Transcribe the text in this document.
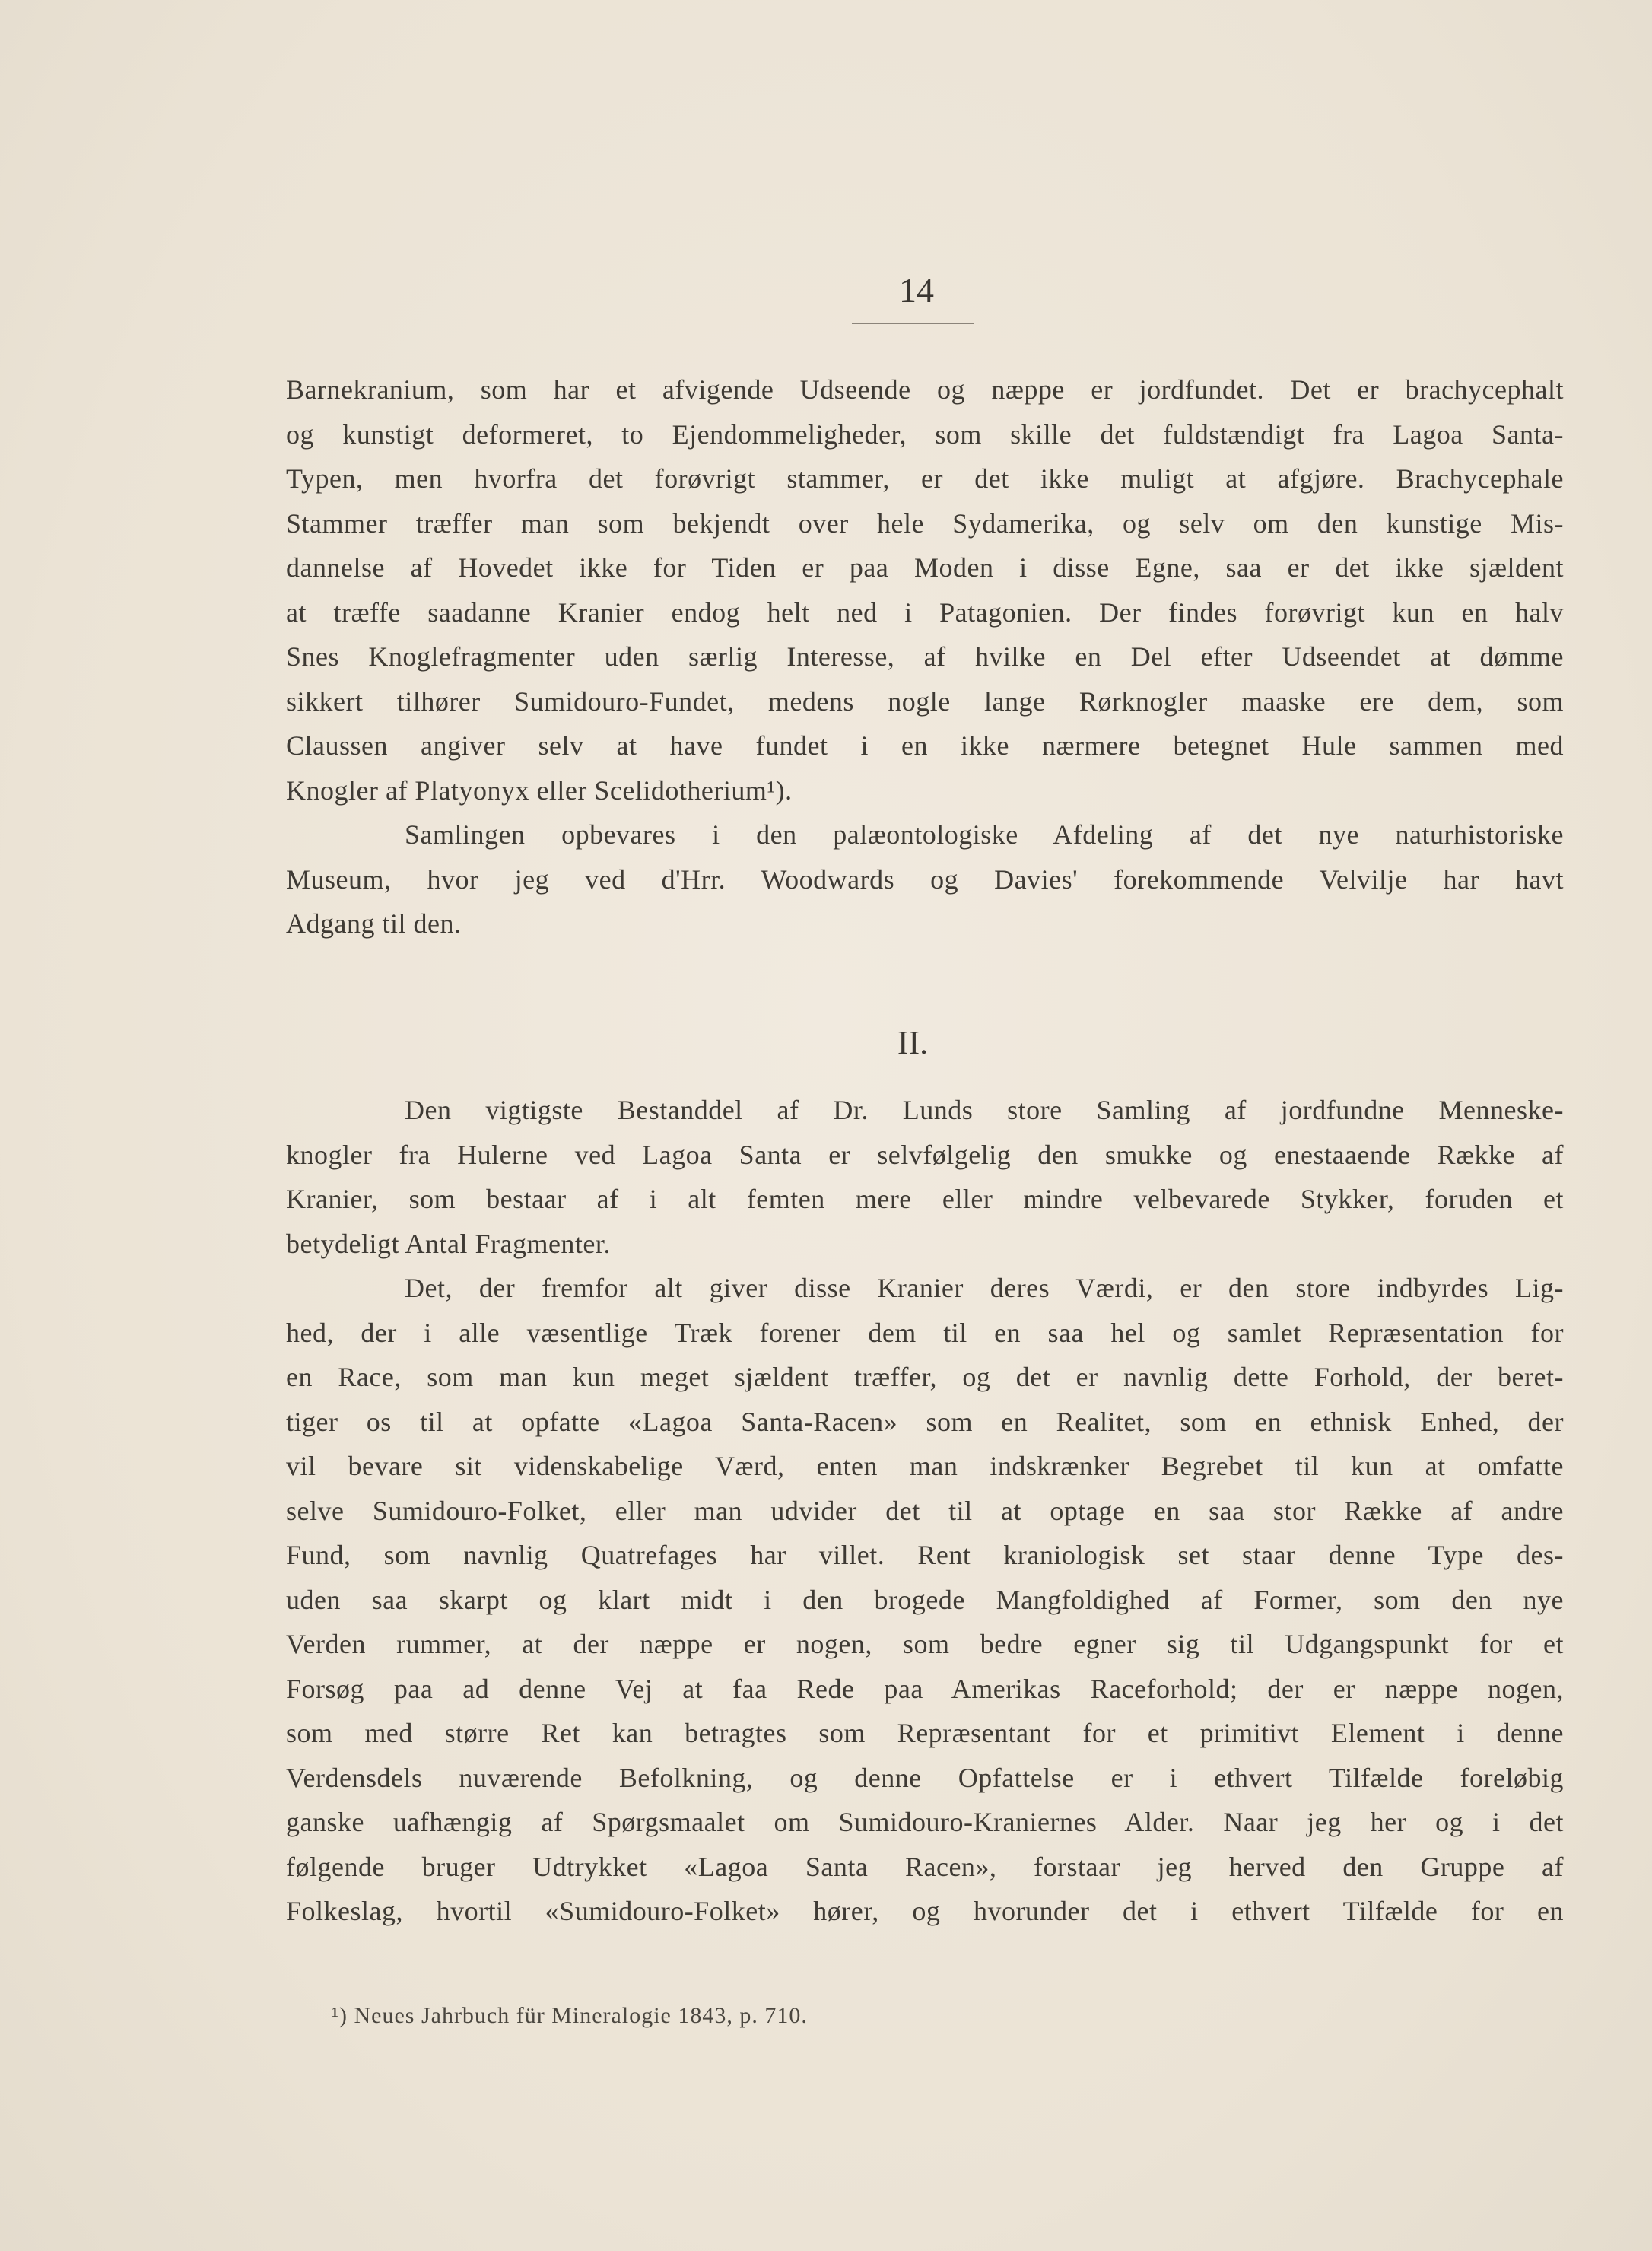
14
Barnekranium, som har et afvigende Udseende og næppe er jordfundet. Det er brachycephalt
og kunstigt deformeret, to Ejendommeligheder, som skille det fuldstændigt fra Lagoa Santa-
Typen, men hvorfra det forøvrigt stammer, er det ikke muligt at afgjøre. Brachycephale
Stammer træffer man som bekjendt over hele Sydamerika, og selv om den kunstige Mis-
dannelse af Hovedet ikke for Tiden er paa Moden i disse Egne, saa er det ikke sjældent
at træffe saadanne Kranier endog helt ned i Patagonien. Der findes forøvrigt kun en halv
Snes Knoglefragmenter uden særlig Interesse, af hvilke en Del efter Udseendet at dømme
sikkert tilhører Sumidouro-Fundet, medens nogle lange Rørknogler maaske ere dem, som
Claussen angiver selv at have fundet i en ikke nærmere betegnet Hule sammen med
Knogler af Platyonyx eller Scelidotherium¹).
Samlingen opbevares i den palæontologiske Afdeling af det nye naturhistoriske
Museum, hvor jeg ved d'Hrr. Woodwards og Davies' forekommende Velvilje har havt
Adgang til den.
II.
Den vigtigste Bestanddel af Dr. Lunds store Samling af jordfundne Menneske-
knogler fra Hulerne ved Lagoa Santa er selvfølgelig den smukke og enestaaende Række af
Kranier, som bestaar af i alt femten mere eller mindre velbevarede Stykker, foruden et
betydeligt Antal Fragmenter.
Det, der fremfor alt giver disse Kranier deres Værdi, er den store indbyrdes Lig-
hed, der i alle væsentlige Træk forener dem til en saa hel og samlet Repræsentation for
en Race, som man kun meget sjældent træffer, og det er navnlig dette Forhold, der beret-
tiger os til at opfatte «Lagoa Santa-Racen» som en Realitet, som en ethnisk Enhed, der
vil bevare sit videnskabelige Værd, enten man indskrænker Begrebet til kun at omfatte
selve Sumidouro-Folket, eller man udvider det til at optage en saa stor Række af andre
Fund, som navnlig Quatrefages har villet. Rent kraniologisk set staar denne Type des-
uden saa skarpt og klart midt i den brogede Mangfoldighed af Former, som den nye
Verden rummer, at der næppe er nogen, som bedre egner sig til Udgangspunkt for et
Forsøg paa ad denne Vej at faa Rede paa Amerikas Raceforhold; der er næppe nogen,
som med større Ret kan betragtes som Repræsentant for et primitivt Element i denne
Verdensdels nuværende Befolkning, og denne Opfattelse er i ethvert Tilfælde foreløbig
ganske uafhængig af Spørgsmaalet om Sumidouro-Kraniernes Alder. Naar jeg her og i det
følgende bruger Udtrykket «Lagoa Santa Racen», forstaar jeg herved den Gruppe af
Folkeslag, hvortil «Sumidouro-Folket» hører, og hvorunder det i ethvert Tilfælde for en
¹) Neues Jahrbuch für Mineralogie 1843, p. 710.
